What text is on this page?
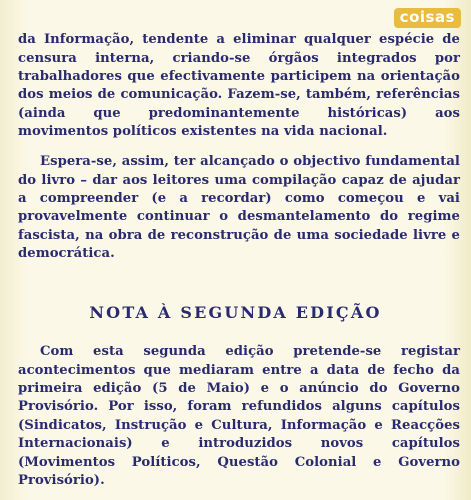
coisas

da Informação, tendente a eliminar qualquer espécie de censura interna, criando-se órgãos integrados por trabalhadores que efectivamente participem na orientação dos meios de comunicação. Fazem-se, também, referências (ainda que predominantemente históricas) aos movimentos políticos existentes na vida nacional.

Espera-se, assim, ter alcançado o objectivo fundamental do livro – dar aos leitores uma compilação capaz de ajudar a compreender (e a recordar) como começou e vai provavelmente continuar o desmantelamento do regime fascista, na obra de reconstrução de uma sociedade livre e democrática.

NOTA À SEGUNDA EDIÇÃO

Com esta segunda edição pretende-se registar acontecimentos que mediaram entre a data de fecho da primeira edição (5 de Maio) e o anúncio do Governo Provisório. Por isso, foram refundidos alguns capítulos (Sindicatos, Instrução e Cultura, Informação e Reacções Internacionais) e introduzidos novos capítulos (Movimentos Políticos, Questão Colonial e Governo Provisório).
